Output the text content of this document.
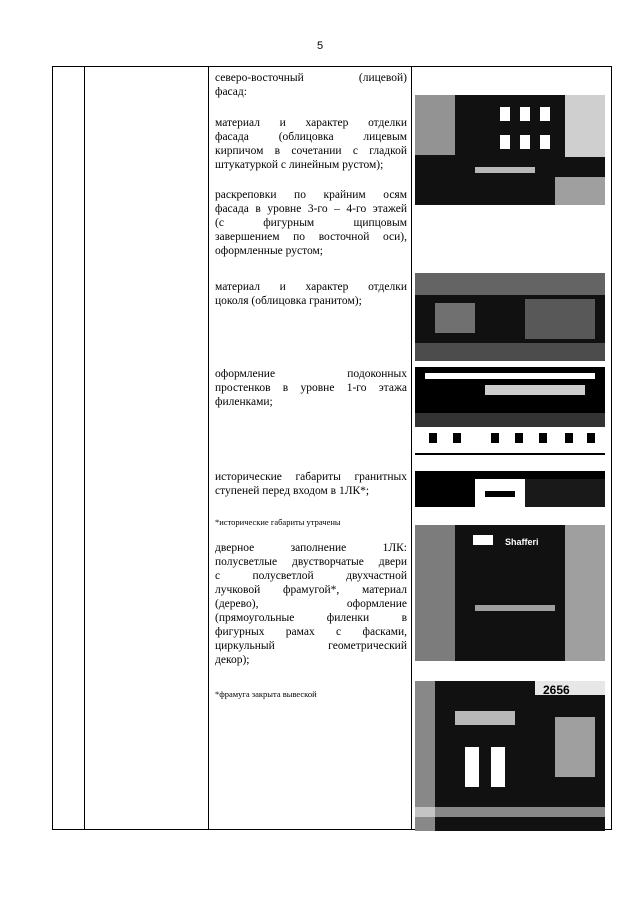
5
северо-восточный (лицевой)
фасад:
материал и характер отделки
фасада (облицовка лицевым
кирпичом в сочетании с гладкой
штукатуркой с линейным рустом);
раскреповки по крайним осям
фасада в уровне 3-го – 4-го этажей
(с фигурным щипцовым
завершением по восточной оси),
оформленные рустом;
материал и характер отделки
цоколя (облицовка гранитом);
оформление подоконных
простенков в уровне 1-го этажа
филенками;
исторические габариты гранитных
ступеней перед входом в 1ЛК*;
*исторические габариты утрачены
дверное заполнение 1ЛК:
полусветлые двустворчатые двери
с полусветлой двухчастной
лучковой фрамугой*, материал
(дерево), оформление
(прямоугольные филенки в
фигурных рамах с фасками,
циркульный геометрический
декор);
*фрамуга закрыта вывеской
Shafferi
2656
